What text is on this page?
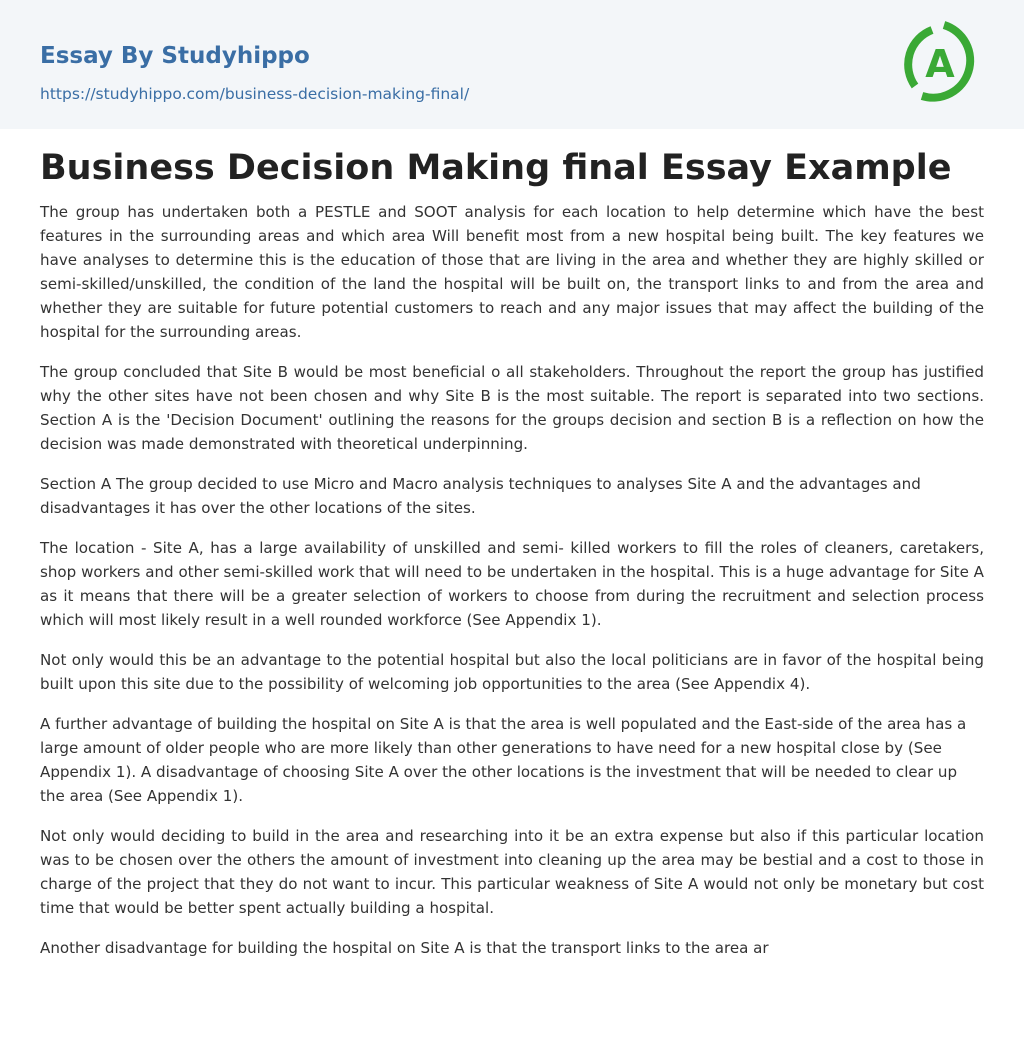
Essay By Studyhippo
https://studyhippo.com/business-decision-making-final/
A
Business Decision Making final Essay Example

The group has undertaken both a PESTLE and SOOT analysis for each location to help determine which have the best features in the surrounding areas and which area Will benefit most from a new hospital being built. The key features we have analyses to determine this is the education of those that are living in the area and whether they are highly skilled or semi-skilled/unskilled, the condition of the land the hospital will be built on, the transport links to and from the area and whether they are suitable for future potential customers to reach and any major issues that may affect the building of the hospital for the surrounding areas.

The group concluded that Site B would be most beneficial o all stakeholders. Throughout the report the group has justified why the other sites have not been chosen and why Site B is the most suitable. The report is separated into two sections. Section A is the 'Decision Document' outlining the reasons for the groups decision and section B is a reflection on how the decision was made demonstrated with theoretical underpinning.

Section A The group decided to use Micro and Macro analysis techniques to analyses Site A and the advantages and disadvantages it has over the other locations of the sites.

The location - Site A, has a large availability of unskilled and semi- killed workers to fill the roles of cleaners, caretakers, shop workers and other semi-skilled work that will need to be undertaken in the hospital. This is a huge advantage for Site A as it means that there will be a greater selection of workers to choose from during the recruitment and selection process which will most likely result in a well rounded workforce (See Appendix 1).

Not only would this be an advantage to the potential hospital but also the local politicians are in favor of the hospital being built upon this site due to the possibility of welcoming job opportunities to the area (See Appendix 4).

A further advantage of building the hospital on Site A is that the area is well populated and the East-side of the area has a large amount of older people who are more likely than other generations to have need for a new hospital close by (See Appendix 1). A disadvantage of choosing Site A over the other locations is the investment that will be needed to clear up the area (See Appendix 1).

Not only would deciding to build in the area and researching into it be an extra expense but also if this particular location was to be chosen over the others the amount of investment into cleaning up the area may be bestial and a cost to those in charge of the project that they do not want to incur. This particular weakness of Site A would not only be monetary but cost time that would be better spent actually building a hospital.

Another disadvantage for building the hospital on Site A is that the transport links to the area ar
